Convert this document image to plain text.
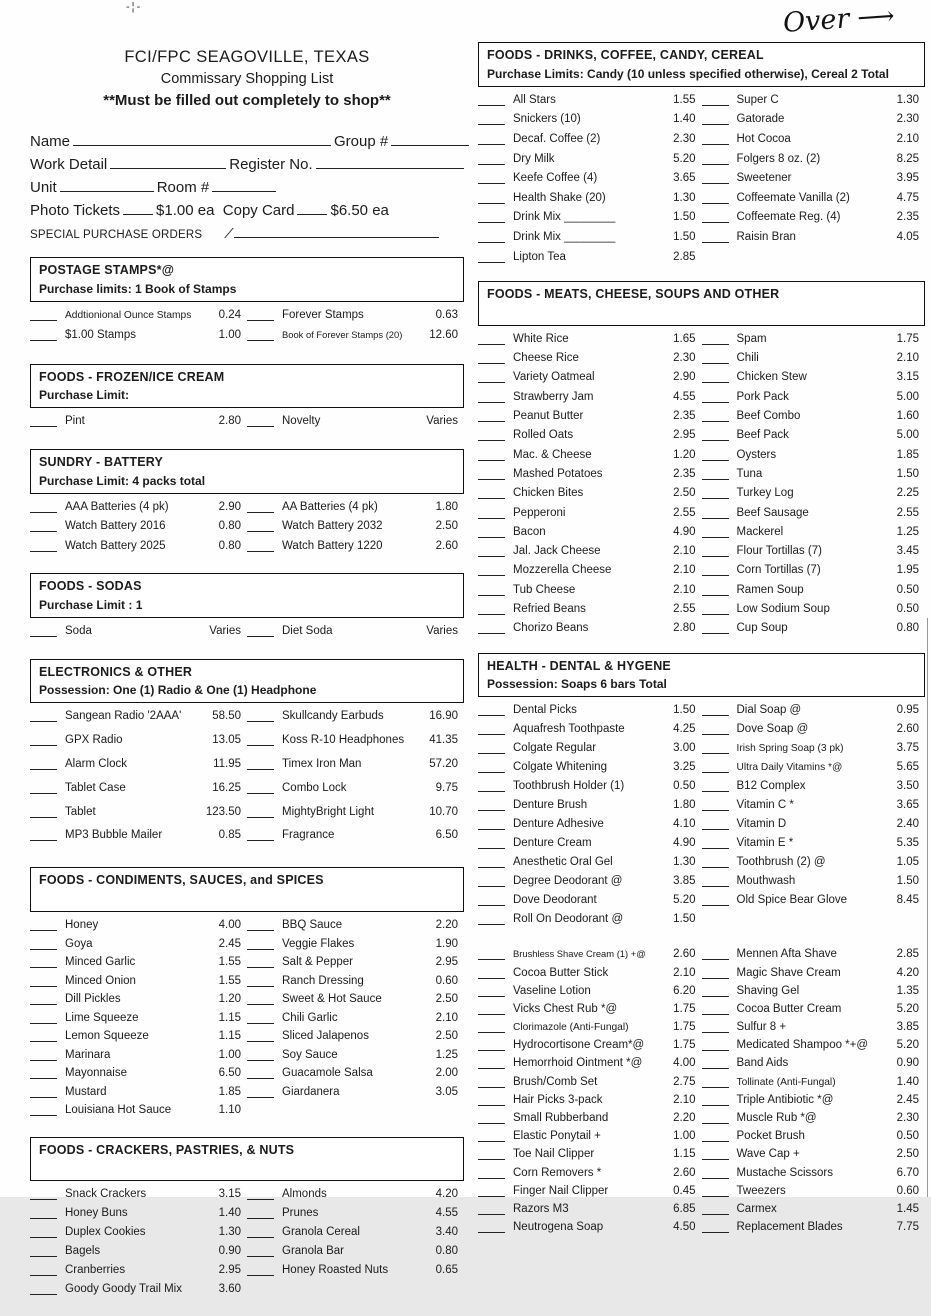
-¦-
FCI/FPC SEAGOVILLE, TEXAS
Commissary Shopping List
**Must be filled out completely to shop**
Name	Group #
Work Detail	Register No.
Unit	Room #
Photo Tickets $1.00 ea Copy Card $6.50 ea
SPECIAL PURCHASE ORDERS ⁄
POSTAGE STAMPS*@
Purchase limits: 1 Book of Stamps
Addtionional Ounce Stamps	0.24	Forever Stamps	0.63
$1.00 Stamps	1.00	Book of Forever Stamps (20)	12.60
FOODS - FROZEN/ICE CREAM
Purchase Limit:
Pint	2.80	Novelty	Varies
SUNDRY - BATTERY
Purchase Limit: 4 packs total
AAA Batteries (4 pk)	2.90	AA Batteries (4 pk)	1.80
Watch Battery 2016	0.80	Watch Battery 2032	2.50
Watch Battery 2025	0.80	Watch Battery 1220	2.60
FOODS - SODAS
Purchase Limit : 1
Soda	Varies	Diet Soda	Varies
ELECTRONICS & OTHER
Possession: One (1) Radio & One (1) Headphone
Sangean Radio '2AAA'	58.50	Skullcandy Earbuds	16.90
GPX Radio	13.05	Koss R-10 Headphones	41.35
Alarm Clock	11.95	Timex Iron Man	57.20
Tablet Case	16.25	Combo Lock	9.75
Tablet	123.50	MightyBright Light	10.70
MP3 Bubble Mailer	0.85	Fragrance	6.50
FOODS - CONDIMENTS, SAUCES, and SPICES

Honey	4.00	BBQ Sauce	2.20
Goya	2.45	Veggie Flakes	1.90
Minced Garlic	1.55	Salt & Pepper	2.95
Minced Onion	1.55	Ranch Dressing	0.60
Dill Pickles	1.20	Sweet & Hot Sauce	2.50
Lime Squeeze	1.15	Chili Garlic	2.10
Lemon Squeeze	1.15	Sliced Jalapenos	2.50
Marinara	1.00	Soy Sauce	1.25
Mayonnaise	6.50	Guacamole Salsa	2.00
Mustard	1.85	Giardanera	3.05
Louisiana Hot Sauce	1.10
FOODS - CRACKERS, PASTRIES, & NUTS

Snack Crackers	3.15	Almonds	4.20
Honey Buns	1.40	Prunes	4.55
Duplex Cookies	1.30	Granola Cereal	3.40
Bagels	0.90	Granola Bar	0.80
Cranberries	2.95	Honey Roasted Nuts	0.65
Goody Goody Trail Mix	3.60
Over ⟶
FOODS - DRINKS, COFFEE, CANDY, CEREAL
Purchase Limits: Candy (10 unless specified otherwise), Cereal 2 Total
All Stars	1.55	Super C	1.30
Snickers (10)	1.40	Gatorade	2.30
Decaf. Coffee (2)	2.30	Hot Cocoa	2.10
Dry Milk	5.20	Folgers 8 oz. (2)	8.25
Keefe Coffee (4)	3.65	Sweetener	3.95
Health Shake (20)	1.30	Coffeemate Vanilla (2)	4.75
Drink Mix ________	1.50	Coffeemate Reg. (4)	2.35
Drink Mix ________	1.50	Raisin Bran	4.05
Lipton Tea	2.85
FOODS - MEATS, CHEESE, SOUPS AND OTHER

White Rice	1.65	Spam	1.75
Cheese Rice	2.30	Chili	2.10
Variety Oatmeal	2.90	Chicken Stew	3.15
Strawberry Jam	4.55	Pork Pack	5.00
Peanut Butter	2.35	Beef Combo	1.60
Rolled Oats	2.95	Beef Pack	5.00
Mac. & Cheese	1.20	Oysters	1.85
Mashed Potatoes	2.35	Tuna	1.50
Chicken Bites	2.50	Turkey Log	2.25
Pepperoni	2.55	Beef Sausage	2.55
Bacon	4.90	Mackerel	1.25
Jal. Jack Cheese	2.10	Flour Tortillas (7)	3.45
Mozzerella Cheese	2.10	Corn Tortillas (7)	1.95
Tub Cheese	2.10	Ramen Soup	0.50
Refried Beans	2.55	Low Sodium Soup	0.50
Chorizo Beans	2.80	Cup Soup	0.80
HEALTH - DENTAL & HYGENE
Possession: Soaps 6 bars Total
Dental Picks	1.50	Dial Soap @	0.95
Aquafresh Toothpaste	4.25	Dove Soap @	2.60
Colgate Regular	3.00	Irish Spring Soap (3 pk)	3.75
Colgate Whitening	3.25	Ultra Daily Vitamins *@	5.65
Toothbrush Holder (1)	0.50	B12 Complex	3.50
Denture Brush	1.80	Vitamin C *	3.65
Denture Adhesive	4.10	Vitamin D	2.40
Denture Cream	4.90	Vitamin E *	5.35
Anesthetic Oral Gel	1.30	Toothbrush (2) @	1.05
Degree Deodorant @	3.85	Mouthwash	1.50
Dove Deodorant	5.20	Old Spice Bear Glove	8.45
Roll On Deodorant @	1.50
Brushless Shave Cream (1) +@	2.60	Mennen Afta Shave	2.85
Cocoa Butter Stick	2.10	Magic Shave Cream	4.20
Vaseline Lotion	6.20	Shaving Gel	1.35
Vicks Chest Rub *@	1.75	Cocoa Butter Cream	5.20
Clorimazole (Anti-Fungal)	1.75	Sulfur 8 +	3.85
Hydrocortisone Cream*@	1.75	Medicated Shampoo *+@	5.20
Hemorrhoid Ointment *@	4.00	Band Aids	0.90
Brush/Comb Set	2.75	Tollinate (Anti-Fungal)	1.40
Hair Picks 3-pack	2.10	Triple Antibiotic *@	2.45
Small Rubberband	2.20	Muscle Rub *@	2.30
Elastic Ponytail +	1.00	Pocket Brush	0.50
Toe Nail Clipper	1.15	Wave Cap +	2.50
Corn Removers *	2.60	Mustache Scissors	6.70
Finger Nail Clipper	0.45	Tweezers	0.60
Razors M3	6.85	Carmex	1.45
Neutrogena Soap	4.50	Replacement Blades	7.75
